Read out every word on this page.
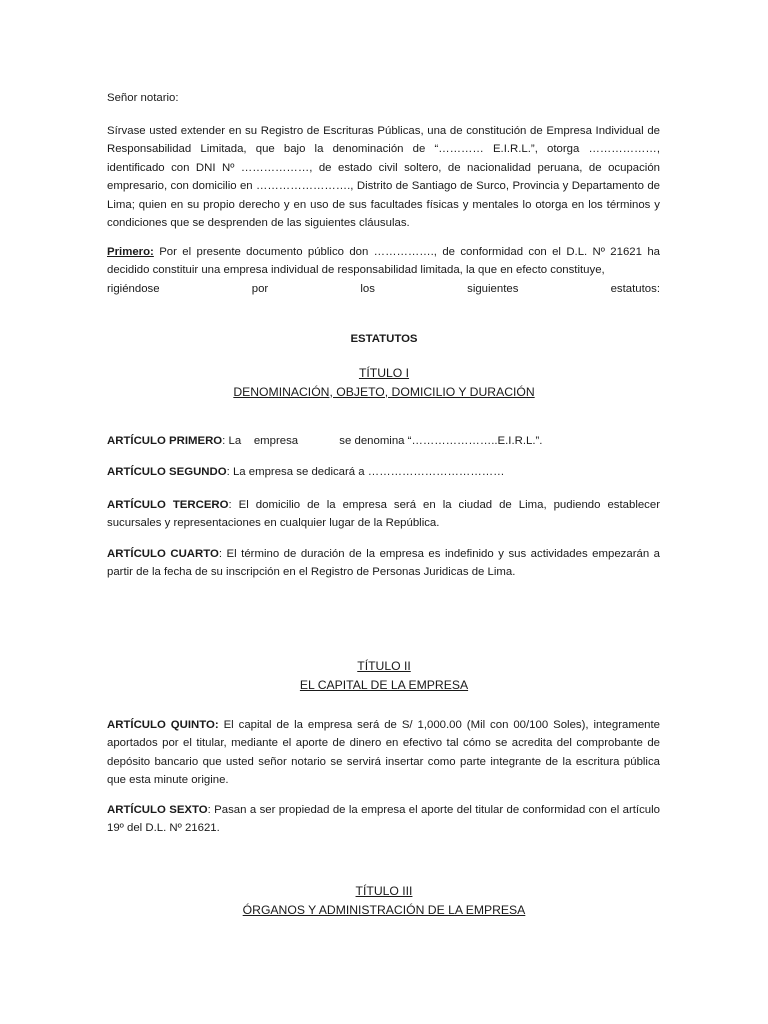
Señor notario:

Sírvase usted extender en su Registro de Escrituras Públicas, una de constitución de Empresa Individual de Responsabilidad Limitada, que bajo la denominación de “………… E.I.R.L.”, otorga ………………, identificado con DNI Nº ………………, de estado civil soltero, de nacionalidad peruana, de ocupación empresario, con domicilio en ……………………., Distrito de Santiago de Surco, Provincia y Departamento de Lima; quien en su propio derecho y en uso de sus facultades físicas y mentales lo otorga en los términos y condiciones que se desprenden de las siguientes cláusulas.

Primero: Por el presente documento público don ……………., de conformidad con el D.L. Nº 21621 ha decidido constituir una empresa individual de responsabilidad limitada, la que en efecto constituye,

rigiéndose por los siguientes estatutos:

ESTATUTOS

TÍTULO I
DENOMINACIÓN, OBJETO, DOMICILIO Y DURACIÓN

ARTÍCULO PRIMERO: La    empresa             se denomina “…………………..E.I.R.L.”.

ARTÍCULO SEGUNDO: La empresa se dedicará a ………………………………

ARTÍCULO TERCERO: El domicilio de la empresa será en la ciudad de Lima, pudiendo establecer sucursales y representaciones en cualquier lugar de la República.

ARTÍCULO CUARTO: El término de duración de la empresa es indefinido y sus actividades empezarán a partir de la fecha de su inscripción en el Registro de Personas Juridicas de Lima.

TÍTULO II
EL CAPITAL DE LA EMPRESA

ARTÍCULO QUINTO: El capital de la empresa será de S/ 1,000.00 (Mil con 00/100 Soles), integramente aportados por el titular, mediante el aporte de dinero en efectivo tal cómo se acredita del comprobante de depósito bancario que usted señor notario se servirá insertar como parte integrante de la escritura pública que esta minute origine.

ARTÍCULO SEXTO: Pasan a ser propiedad de la empresa el aporte del titular de conformidad con el artículo 19º del D.L. Nº 21621.

TÍTULO III
ÓRGANOS Y ADMINISTRACIÓN DE LA EMPRESA
